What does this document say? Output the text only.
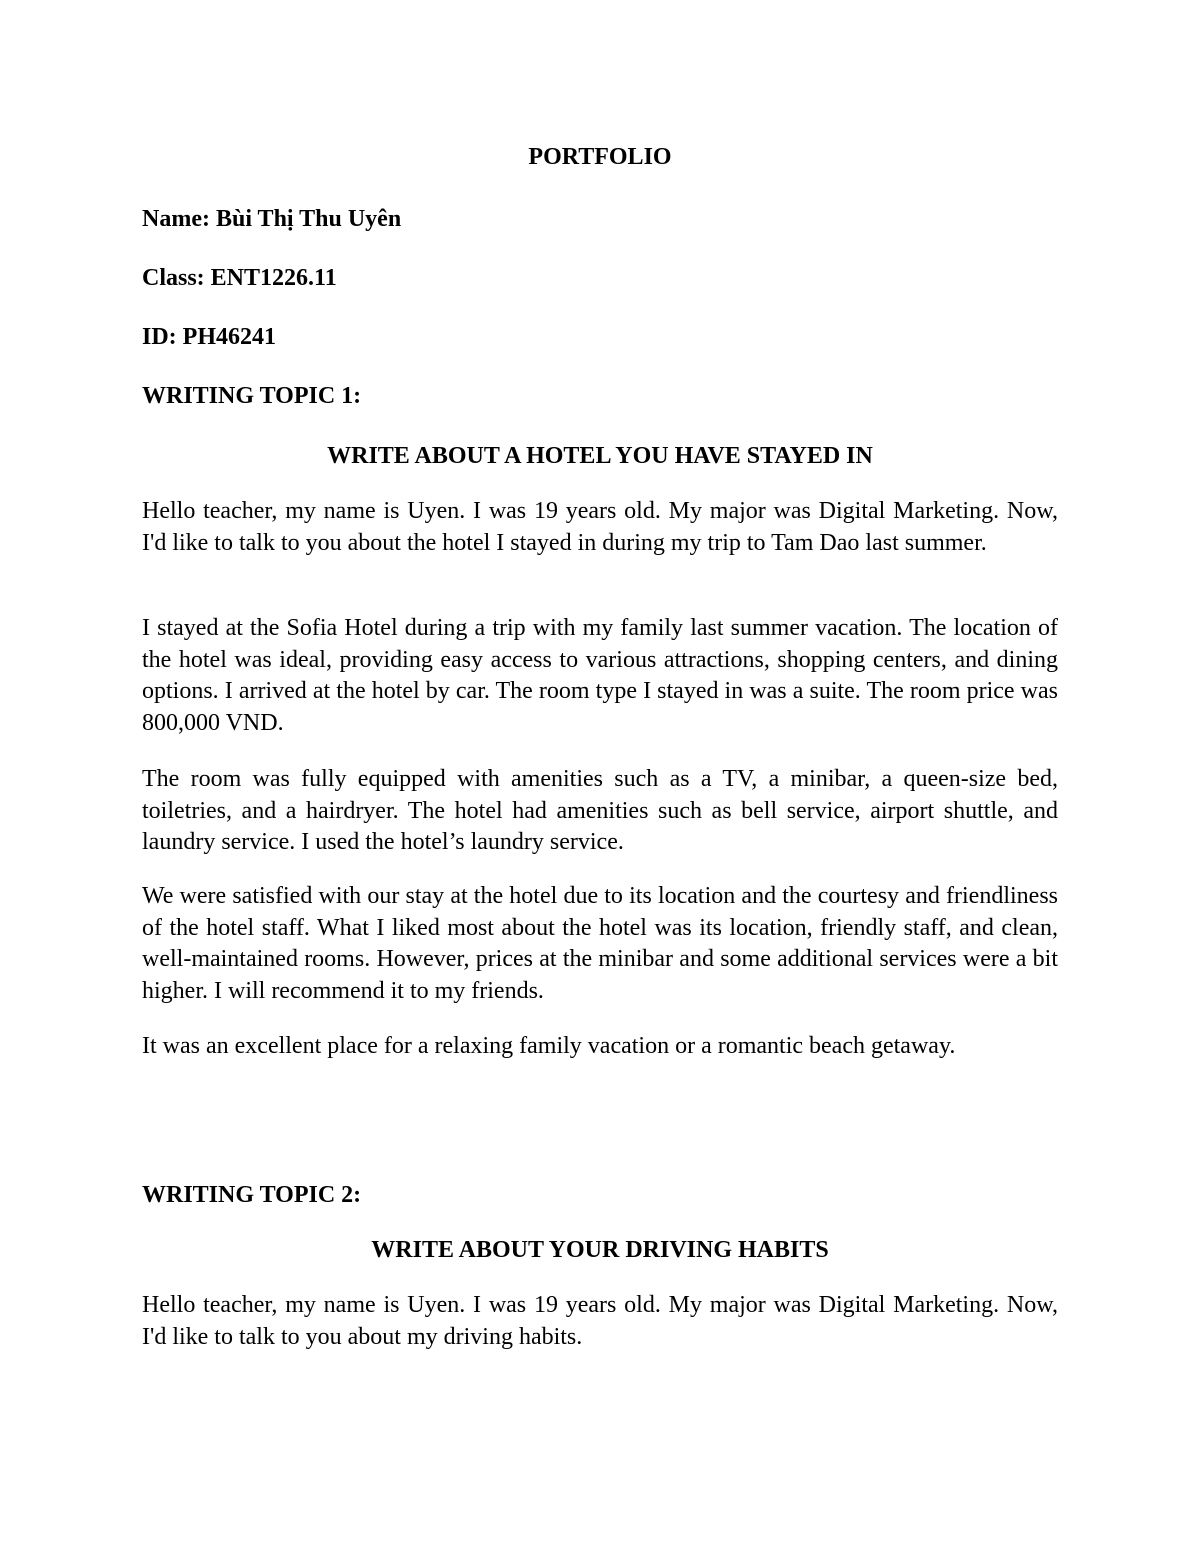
PORTFOLIO

Name: Bùi Thị Thu Uyên

Class: ENT1226.11

ID: PH46241

WRITING TOPIC 1:

WRITE ABOUT A HOTEL YOU HAVE STAYED IN

Hello teacher, my name is Uyen. I was 19 years old. My major was Digital Marketing. Now, I'd like to talk to you about the hotel I stayed in during my trip to Tam Dao last summer.

I stayed at the Sofia Hotel during a trip with my family last summer vacation. The location of the hotel was ideal, providing easy access to various attractions, shopping centers, and dining options. I arrived at the hotel by car. The room type I stayed in was a suite. The room price was 800,000 VND.

The room was fully equipped with amenities such as a TV, a minibar, a queen-size bed, toiletries, and a hairdryer. The hotel had amenities such as bell service, airport shuttle, and laundry service. I used the hotel’s laundry service.

We were satisfied with our stay at the hotel due to its location and the courtesy and friendliness of the hotel staff. What I liked most about the hotel was its location, friendly staff, and clean, well-maintained rooms. However, prices at the minibar and some additional services were a bit higher. I will recommend it to my friends.

It was an excellent place for a relaxing family vacation or a romantic beach getaway.

WRITING TOPIC 2:

WRITE ABOUT YOUR DRIVING HABITS

Hello teacher, my name is Uyen. I was 19 years old. My major was Digital Marketing. Now, I'd like to talk to you about my driving habits.
